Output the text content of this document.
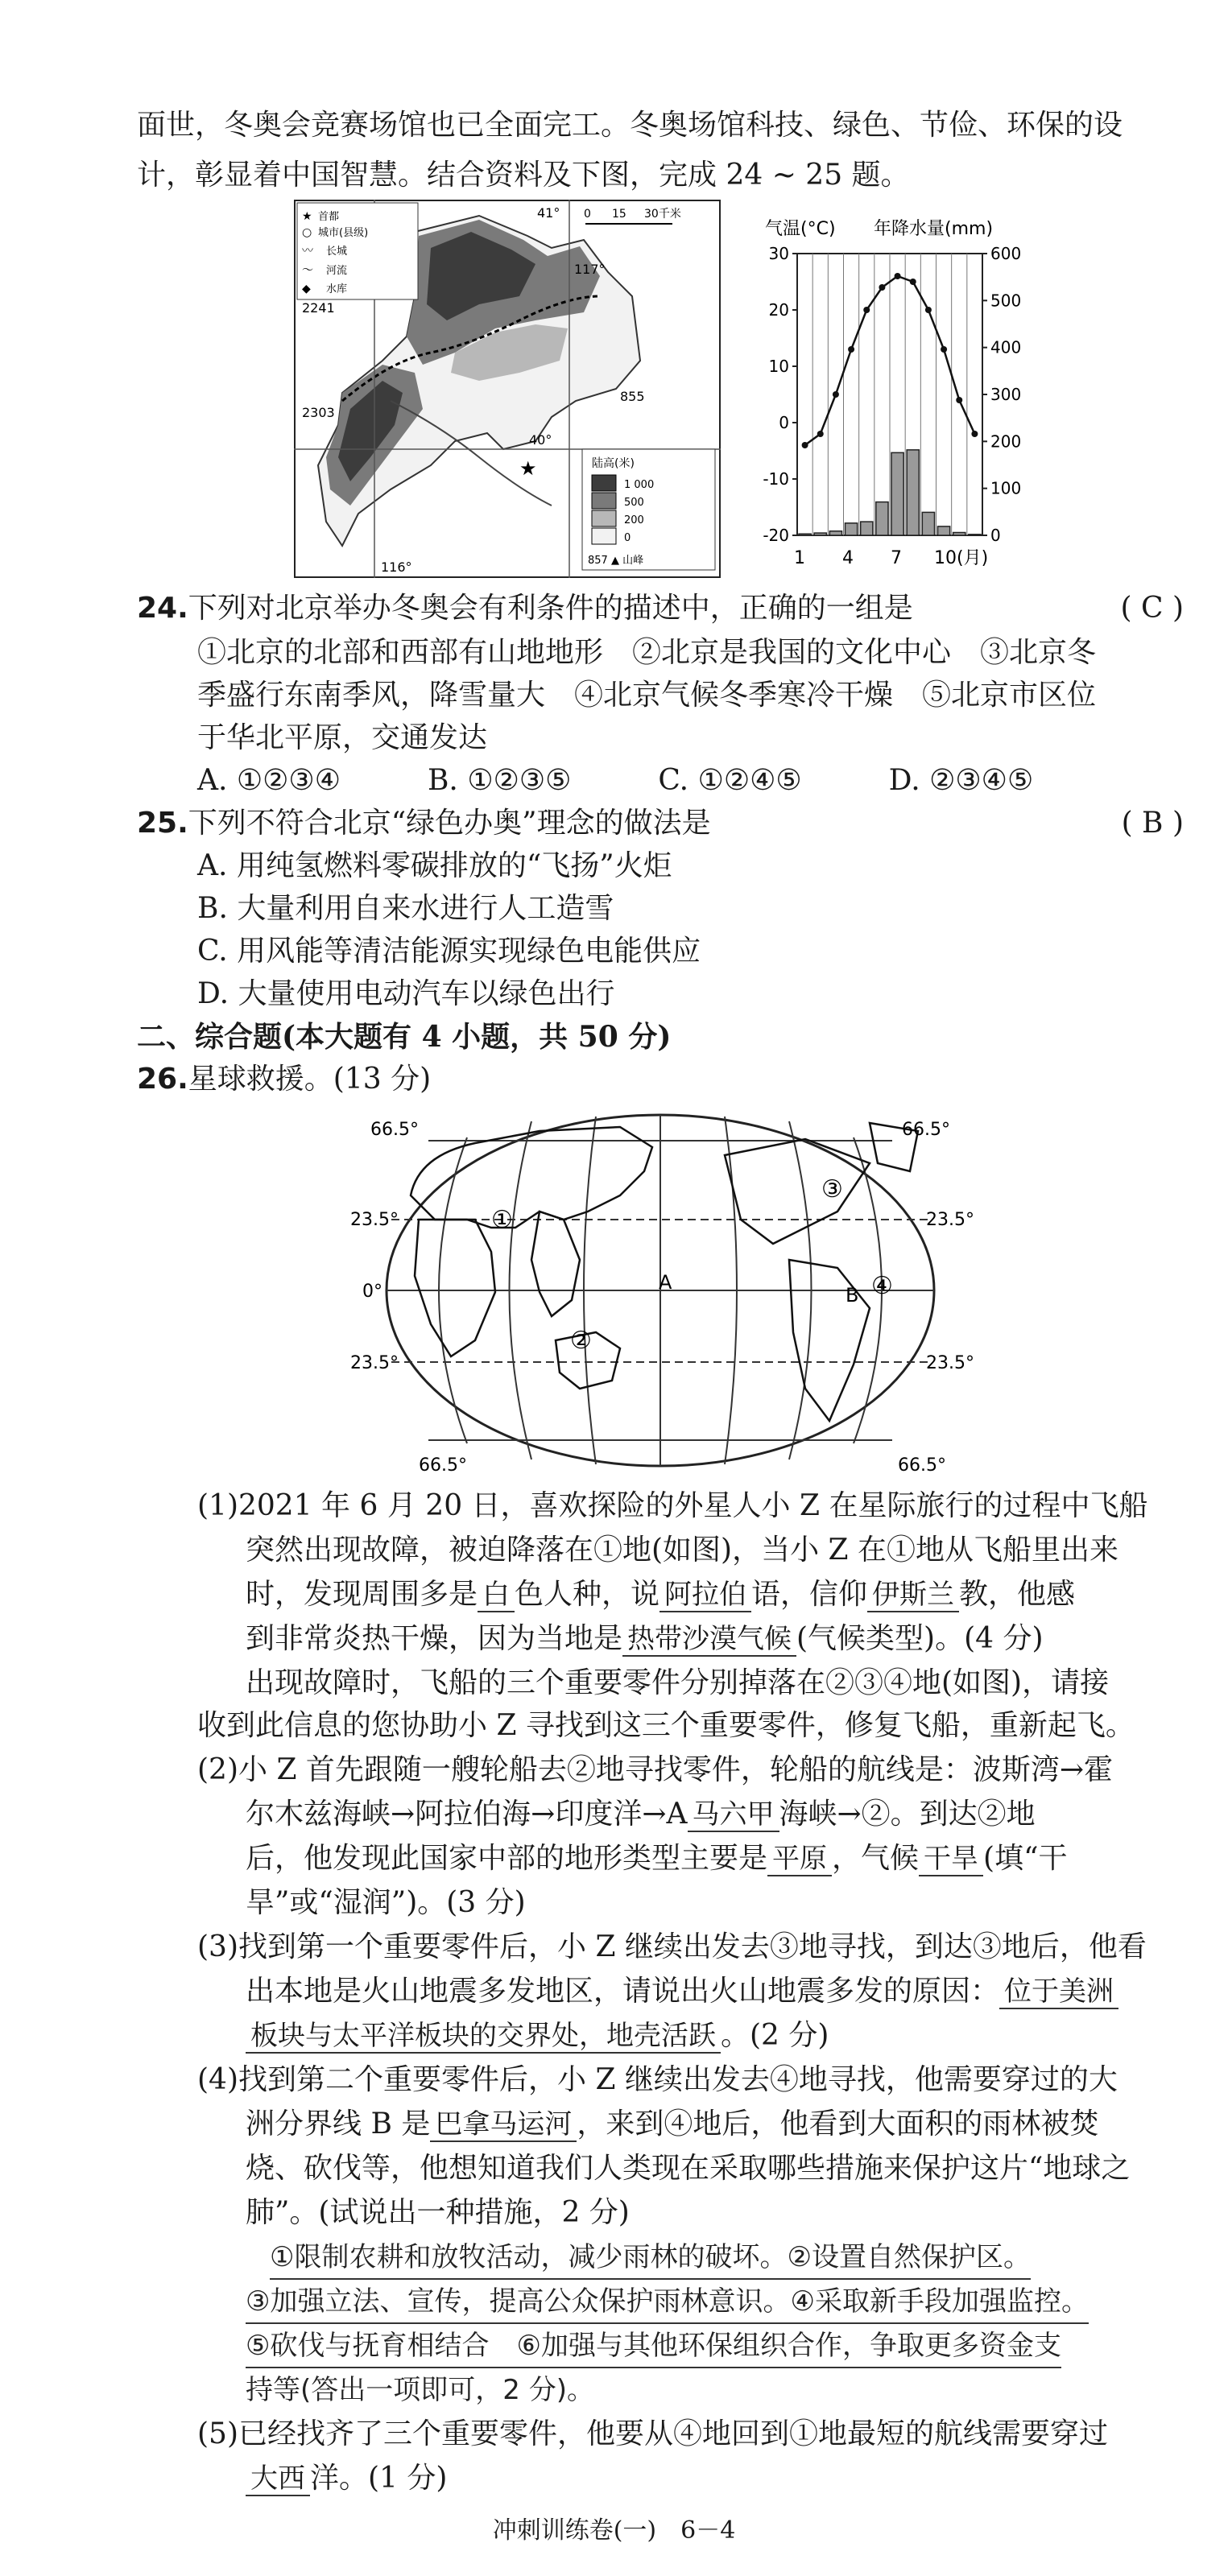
面世，冬奥会竞赛场馆也已全面完工。冬奥场馆科技、绿色、节俭、环保的设
计，彰显着中国智慧。结合资料及下图，完成 24 ~ 25 题。
★ 首都
○ 城市(县级)
〰 长城
～ 河流
◆ 水库
0 15 30千米
41°
117°
40°
116°
2241
2303
855
★	陆高(米)
1 000
500
200
0
857 ▲ 山峰
气温(°C) 年降水量(mm)
30
20
10
0
-10
-20
600
500
400
300
200
100
0
1 4 7 10(月)
24.下列对北京举办冬奥会有利条件的描述中，正确的一组是	( C )
①北京的北部和西部有山地地形　②北京是我国的文化中心　③北京冬
季盛行东南季风，降雪量大　④北京气候冬季寒冷干燥　⑤北京市区位
于华北平原，交通发达
A. ①②③④　　　B. ①②③⑤　　　C. ①②④⑤　　　D. ②③④⑤
25.下列不符合北京“绿色办奥”理念的做法是	( B )
A. 用纯氢燃料零碳排放的“飞扬”火炬
B. 大量利用自来水进行人工造雪
C. 用风能等清洁能源实现绿色电能供应
D. 大量使用电动汽车以绿色出行
二、综合题(本大题有 4 小题，共 50 分)
26.星球救援。(13 分)
66.5°	66.5°
23.5°	23.5°
0°
23.5°	23.5°
66.5°	66.5°
①
②
③
④
A
B
(1)2021 年 6 月 20 日，喜欢探险的外星人小 Z 在星际旅行的过程中飞船
突然出现故障，被迫降落在①地(如图)，当小 Z 在①地从飞船里出来
时，发现周围多是 白 色人种，说 阿拉伯 语，信仰 伊斯兰 教，他感
到非常炎热干燥，因为当地是 热带沙漠气候 (气候类型)。(4 分)
出现故障时，飞船的三个重要零件分别掉落在②③④地(如图)，请接
收到此信息的您协助小 Z 寻找到这三个重要零件，修复飞船，重新起飞。
(2)小 Z 首先跟随一艘轮船去②地寻找零件，轮船的航线是：波斯湾→霍
尔木兹海峡→阿拉伯海→印度洋→A 马六甲 海峡→②。到达②地
后，他发现此国家中部的地形类型主要是 平原 ，气候 干旱 (填“干
旱”或“湿润”)。(3 分)
(3)找到第一个重要零件后，小 Z 继续出发去③地寻找，到达③地后，他看
出本地是火山地震多发地区，请说出火山地震多发的原因： 位于美洲
板块与太平洋板块的交界处，地壳活跃 。(2 分)
(4)找到第二个重要零件后，小 Z 继续出发去④地寻找，他需要穿过的大
洲分界线 B 是 巴拿马运河 ，来到④地后，他看到大面积的雨林被焚
烧、砍伐等，他想知道我们人类现在采取哪些措施来保护这片“地球之
肺”。(试说出一种措施，2 分)
①限制农耕和放牧活动，减少雨林的破坏。②设置自然保护区。
③加强立法、宣传，提高公众保护雨林意识。④采取新手段加强监控。
⑤砍伐与抚育相结合　⑥加强与其他环保组织合作，争取更多资金支
持等(答出一项即可，2 分)。
(5)已经找齐了三个重要零件，他要从④地回到①地最短的航线需要穿过
大西 洋。(1 分)
冲刺训练卷(一)　6－4
